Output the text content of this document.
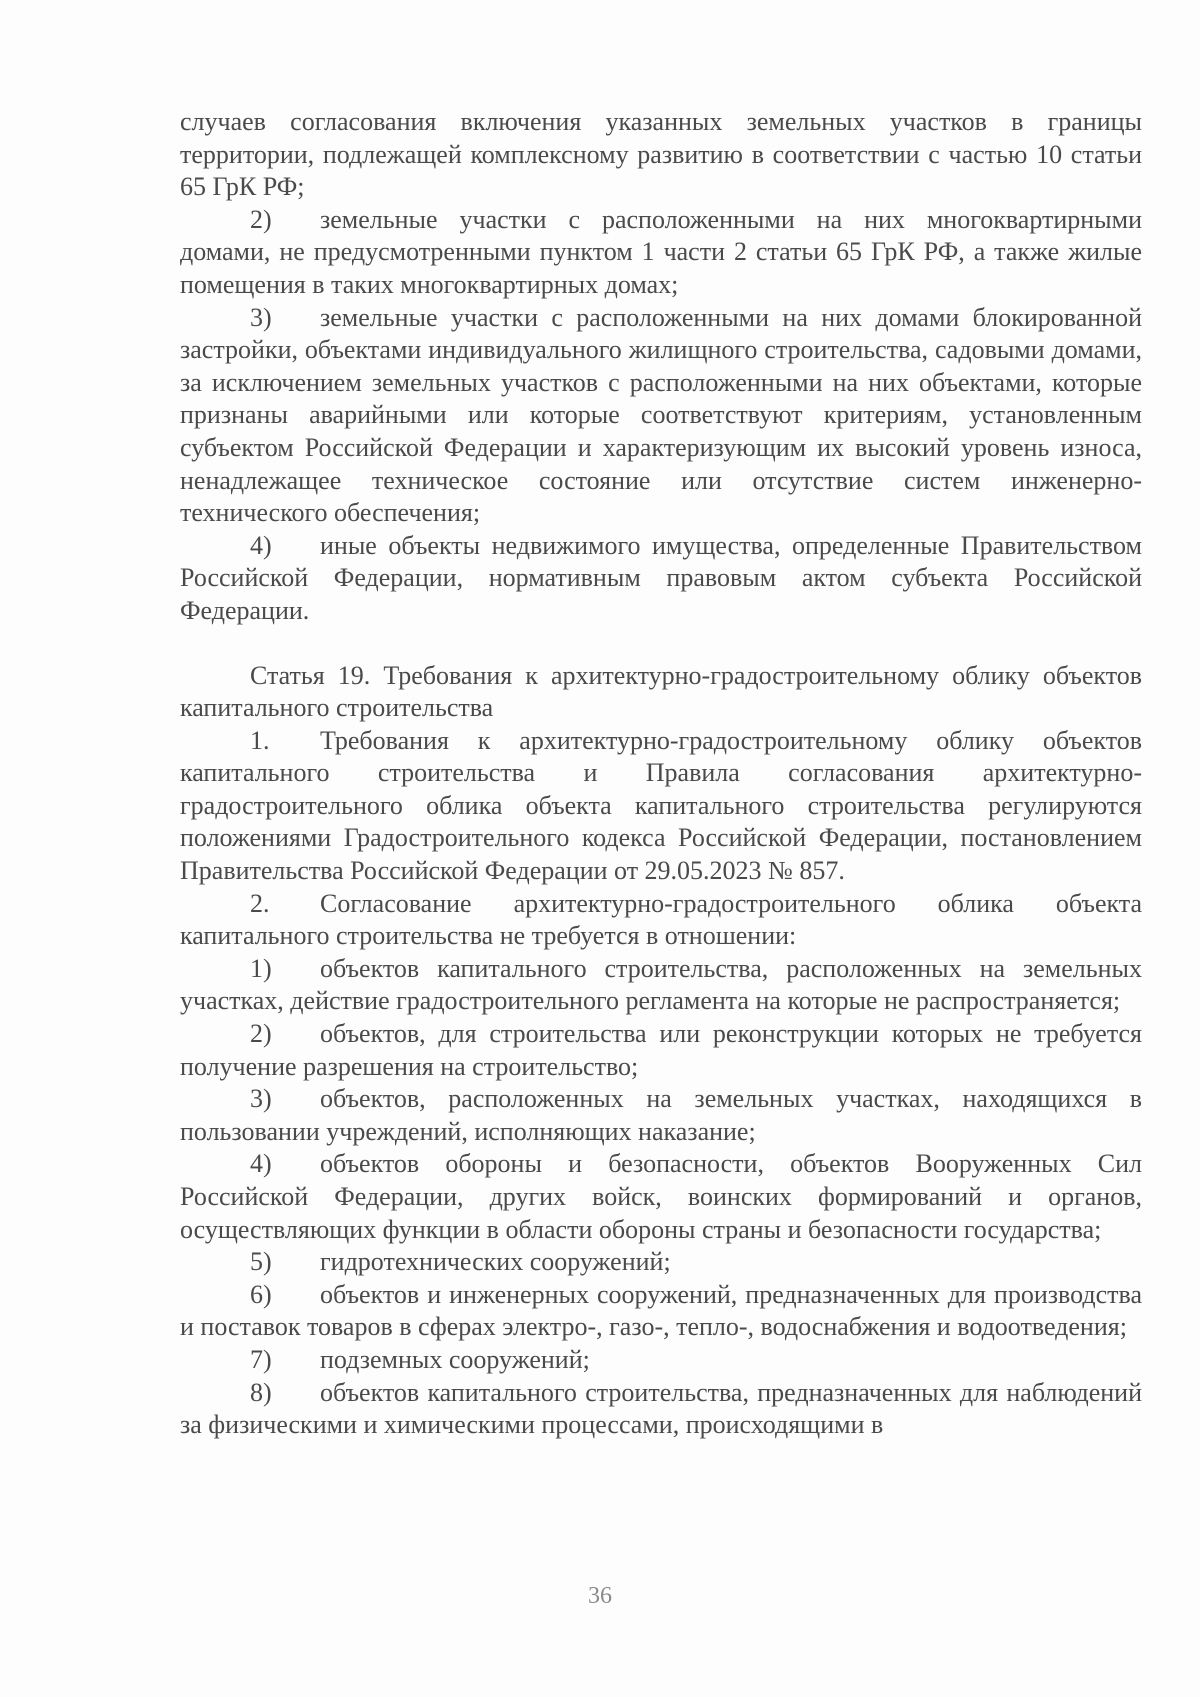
случаев согласования включения указанных земельных участков в границы территории, подлежащей комплексному развитию в соответствии с частью 10 статьи 65 ГрК РФ;

2) земельные участки с расположенными на них многоквартирными домами, не предусмотренными пунктом 1 части 2 статьи 65 ГрК РФ, а также жилые помещения в таких многоквартирных домах;

3) земельные участки с расположенными на них домами блокированной застройки, объектами индивидуального жилищного строительства, садовыми домами, за исключением земельных участков с расположенными на них объектами, которые признаны аварийными или которые соответствуют критериям, установленным субъектом Российской Федерации и характеризующим их высокий уровень износа, ненадлежащее техническое состояние или отсутствие систем инженерно-технического обеспечения;

4) иные объекты недвижимого имущества, определенные Правительством Российской Федерации, нормативным правовым актом субъекта Российской Федерации.

Статья 19. Требования к архитектурно-градостроительному облику объектов капитального строительства

1. Требования к архитектурно-градостроительному облику объектов капитального строительства и Правила согласования архитектурно-градостроительного облика объекта капитального строительства регулируются положениями Градостроительного кодекса Российской Федерации, постановлением Правительства Российской Федерации от 29.05.2023 № 857.

2. Согласование архитектурно-градостроительного облика объекта капитального строительства не требуется в отношении:

1) объектов капитального строительства, расположенных на земельных участках, действие градостроительного регламента на которые не распространяется;

2) объектов, для строительства или реконструкции которых не требуется получение разрешения на строительство;

3) объектов, расположенных на земельных участках, находящихся в пользовании учреждений, исполняющих наказание;

4) объектов обороны и безопасности, объектов Вооруженных Сил Российской Федерации, других войск, воинских формирований и органов, осуществляющих функции в области обороны страны и безопасности государства;

5) гидротехнических сооружений;

6) объектов и инженерных сооружений, предназначенных для производства и поставок товаров в сферах электро-, газо-, тепло-, водоснабжения и водоотведения;

7) подземных сооружений;

8) объектов капитального строительства, предназначенных для наблюдений за физическими и химическими процессами, происходящими в

36
